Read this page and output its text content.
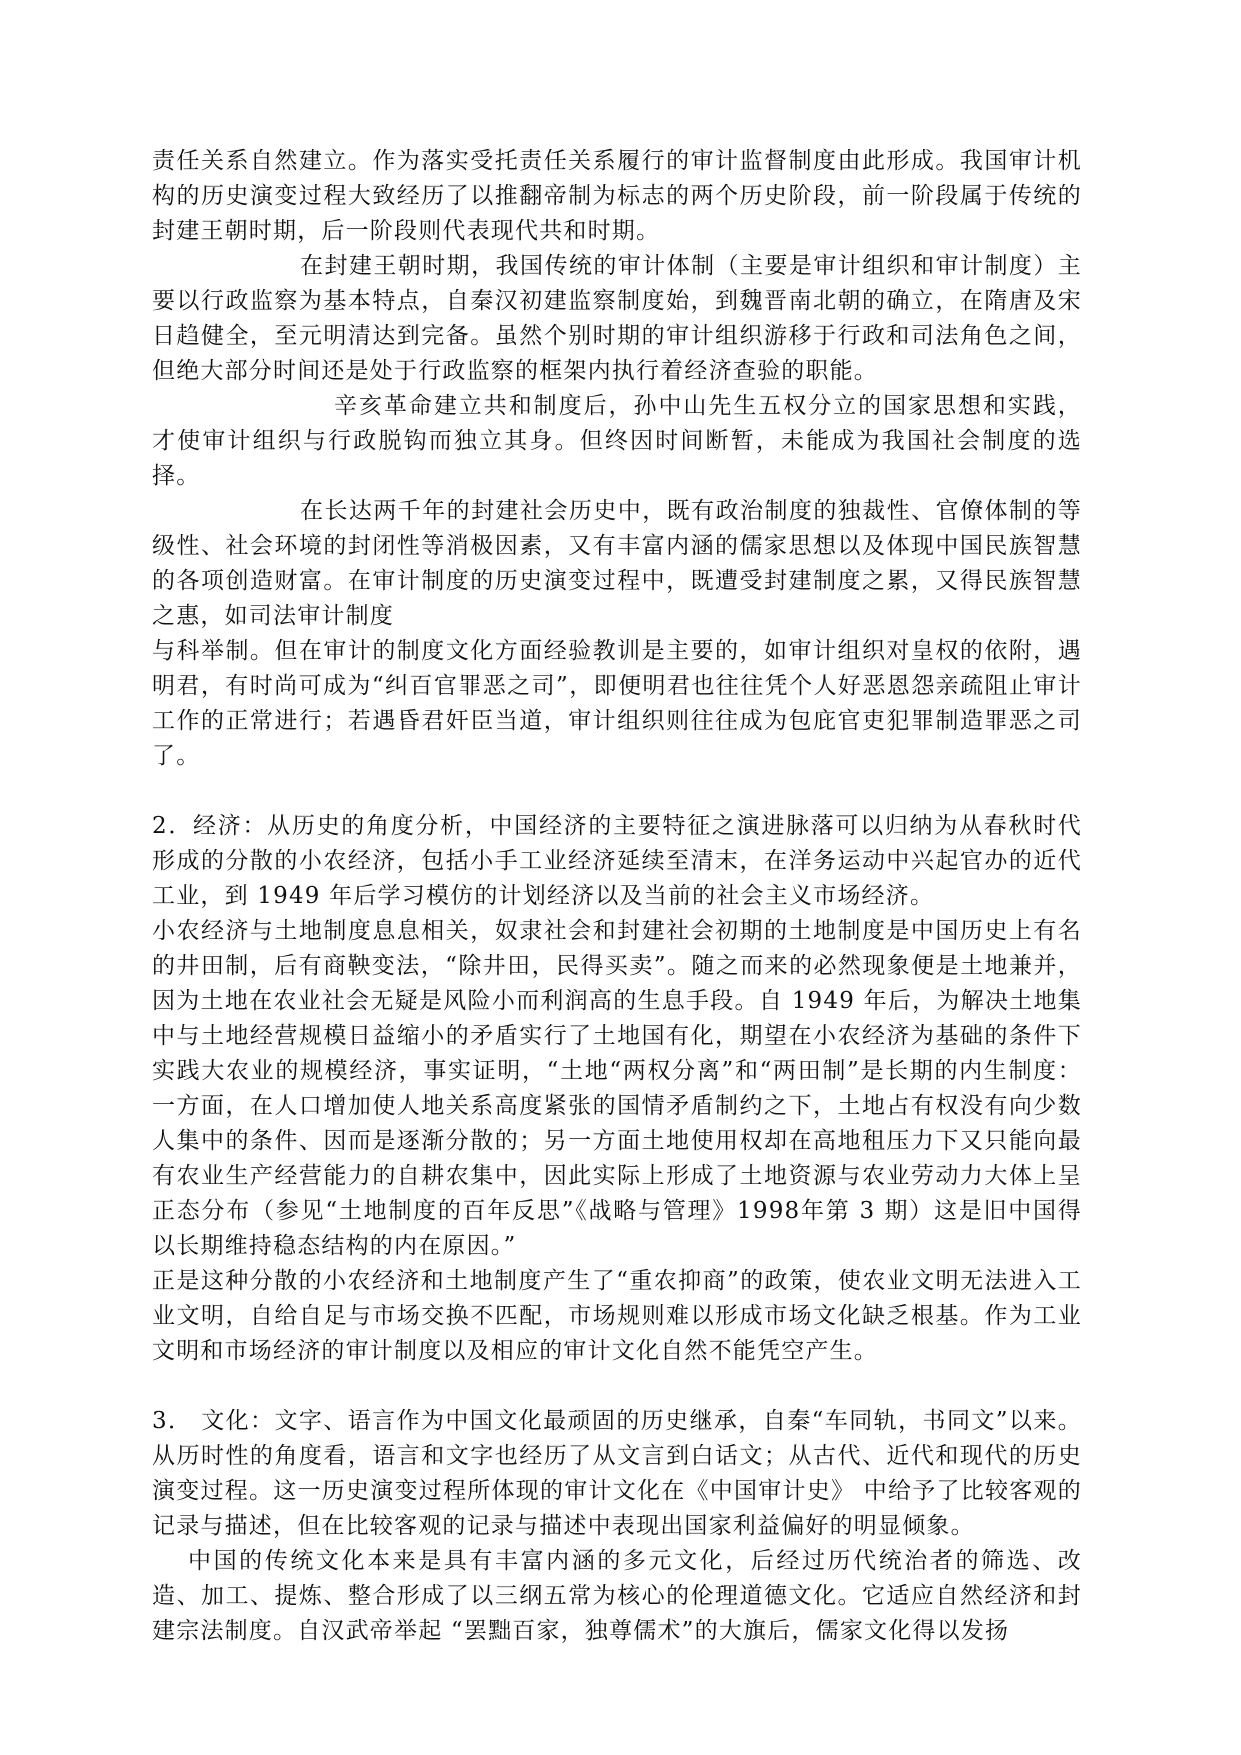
责任关系自然建立。作为落实受托责任关系履行的审计监督制度由此形成。我国审计机构的历史演变过程大致经历了以推翻帝制为标志的两个历史阶段，前一阶段属于传统的封建王朝时期，后一阶段则代表现代共和时期。

在封建王朝时期，我国传统的审计体制（主要是审计组织和审计制度）主要以行政监察为基本特点，自秦汉初建监察制度始，到魏晋南北朝的确立，在隋唐及宋日趋健全，至元明清达到完备。虽然个别时期的审计组织游移于行政和司法角色之间，但绝大部分时间还是处于行政监察的框架内执行着经济查验的职能。

辛亥革命建立共和制度后，孙中山先生五权分立的国家思想和实践，才使审计组织与行政脱钩而独立其身。但终因时间断暂，未能成为我国社会制度的选择。

在长达两千年的封建社会历史中，既有政治制度的独裁性、官僚体制的等级性、社会环境的封闭性等消极因素，又有丰富内涵的儒家思想以及体现中国民族智慧的各项创造财富。在审计制度的历史演变过程中，既遭受封建制度之累，又得民族智慧之惠，如司法审计制度

与科举制。但在审计的制度文化方面经验教训是主要的，如审计组织对皇权的依附，遇明君，有时尚可成为“纠百官罪恶之司”，即便明君也往往凭个人好恶恩怨亲疏阻止审计工作的正常进行；若遇昏君奸臣当道，审计组织则往往成为包庇官吏犯罪制造罪恶之司了。

2．经济：从历史的角度分析，中国经济的主要特征之演进脉落可以归纳为从春秋时代形成的分散的小农经济，包括小手工业经济延续至清末，在洋务运动中兴起官办的近代工业，到 1949 年后学习模仿的计划经济以及当前的社会主义市场经济。

小农经济与土地制度息息相关，奴隶社会和封建社会初期的土地制度是中国历史上有名的井田制，后有商鞅变法，“除井田，民得买卖”。随之而来的必然现象便是土地兼并，因为土地在农业社会无疑是风险小而利润高的生息手段。自 1949 年后，为解决土地集中与土地经营规模日益缩小的矛盾实行了土地国有化，期望在小农经济为基础的条件下实践大农业的规模经济，事实证明，“土地“两权分离”和“两田制”是长期的内生制度：一方面，在人口增加使人地关系高度紧张的国情矛盾制约之下，土地占有权没有向少数人集中的条件、因而是逐渐分散的；另一方面土地使用权却在高地租压力下又只能向最有农业生产经营能力的自耕农集中，因此实际上形成了土地资源与农业劳动力大体上呈正态分布（参见“土地制度的百年反思”《战略与管理》1998年第 3 期）这是旧中国得以长期维持稳态结构的内在原因。”

正是这种分散的小农经济和土地制度产生了“重农抑商”的政策，使农业文明无法进入工业文明，自给自足与市场交换不匹配，市场规则难以形成市场文化缺乏根基。作为工业文明和市场经济的审计制度以及相应的审计文化自然不能凭空产生。

3． 文化：文字、语言作为中国文化最顽固的历史继承，自秦“车同轨，书同文”以来。从历时性的角度看，语言和文字也经历了从文言到白话文；从古代、近代和现代的历史演变过程。这一历史演变过程所体现的审计文化在《中国审计史》 中给予了比较客观的记录与描述，但在比较客观的记录与描述中表现出国家利益偏好的明显倾象。

中国的传统文化本来是具有丰富内涵的多元文化，后经过历代统治者的筛选、改造、加工、提炼、整合形成了以三纲五常为核心的伦理道德文化。它适应自然经济和封建宗法制度。自汉武帝举起 “罢黜百家，独尊儒术”的大旗后，儒家文化得以发扬
